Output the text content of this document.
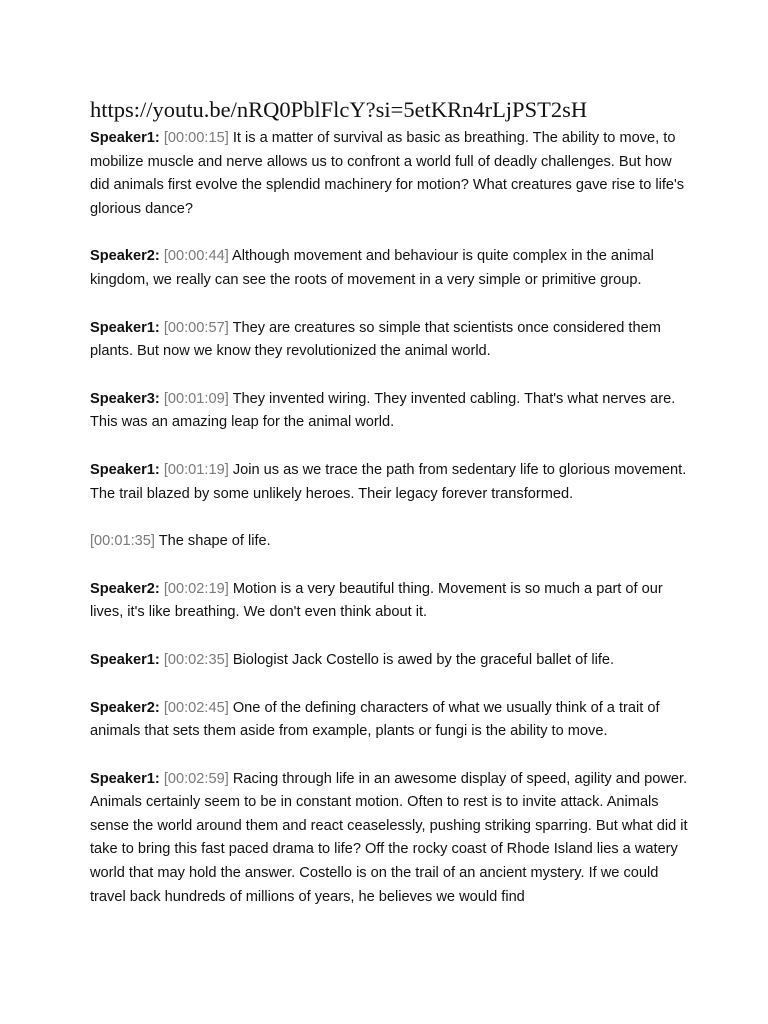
https://youtu.be/nRQ0PblFlcY?si=5etKRn4rLjPST2sH

Speaker1: [00:00:15] It is a matter of survival as basic as breathing. The ability to move, to mobilize muscle and nerve allows us to confront a world full of deadly challenges. But how did animals first evolve the splendid machinery for motion? What creatures gave rise to life's glorious dance?

Speaker2: [00:00:44] Although movement and behaviour is quite complex in the animal kingdom, we really can see the roots of movement in a very simple or primitive group.

Speaker1: [00:00:57] They are creatures so simple that scientists once considered them plants. But now we know they revolutionized the animal world.

Speaker3: [00:01:09] They invented wiring. They invented cabling. That's what nerves are. This was an amazing leap for the animal world.

Speaker1: [00:01:19] Join us as we trace the path from sedentary life to glorious movement. The trail blazed by some unlikely heroes. Their legacy forever transformed.

[00:01:35] The shape of life.

Speaker2: [00:02:19] Motion is a very beautiful thing. Movement is so much a part of our lives, it's like breathing. We don't even think about it.

Speaker1: [00:02:35] Biologist Jack Costello is awed by the graceful ballet of life.

Speaker2: [00:02:45] One of the defining characters of what we usually think of a trait of animals that sets them aside from example, plants or fungi is the ability to move.

Speaker1: [00:02:59] Racing through life in an awesome display of speed, agility and power. Animals certainly seem to be in constant motion. Often to rest is to invite attack. Animals sense the world around them and react ceaselessly, pushing striking sparring. But what did it take to bring this fast paced drama to life? Off the rocky coast of Rhode Island lies a watery world that may hold the answer. Costello is on the trail of an ancient mystery. If we could travel back hundreds of millions of years, he believes we would find
